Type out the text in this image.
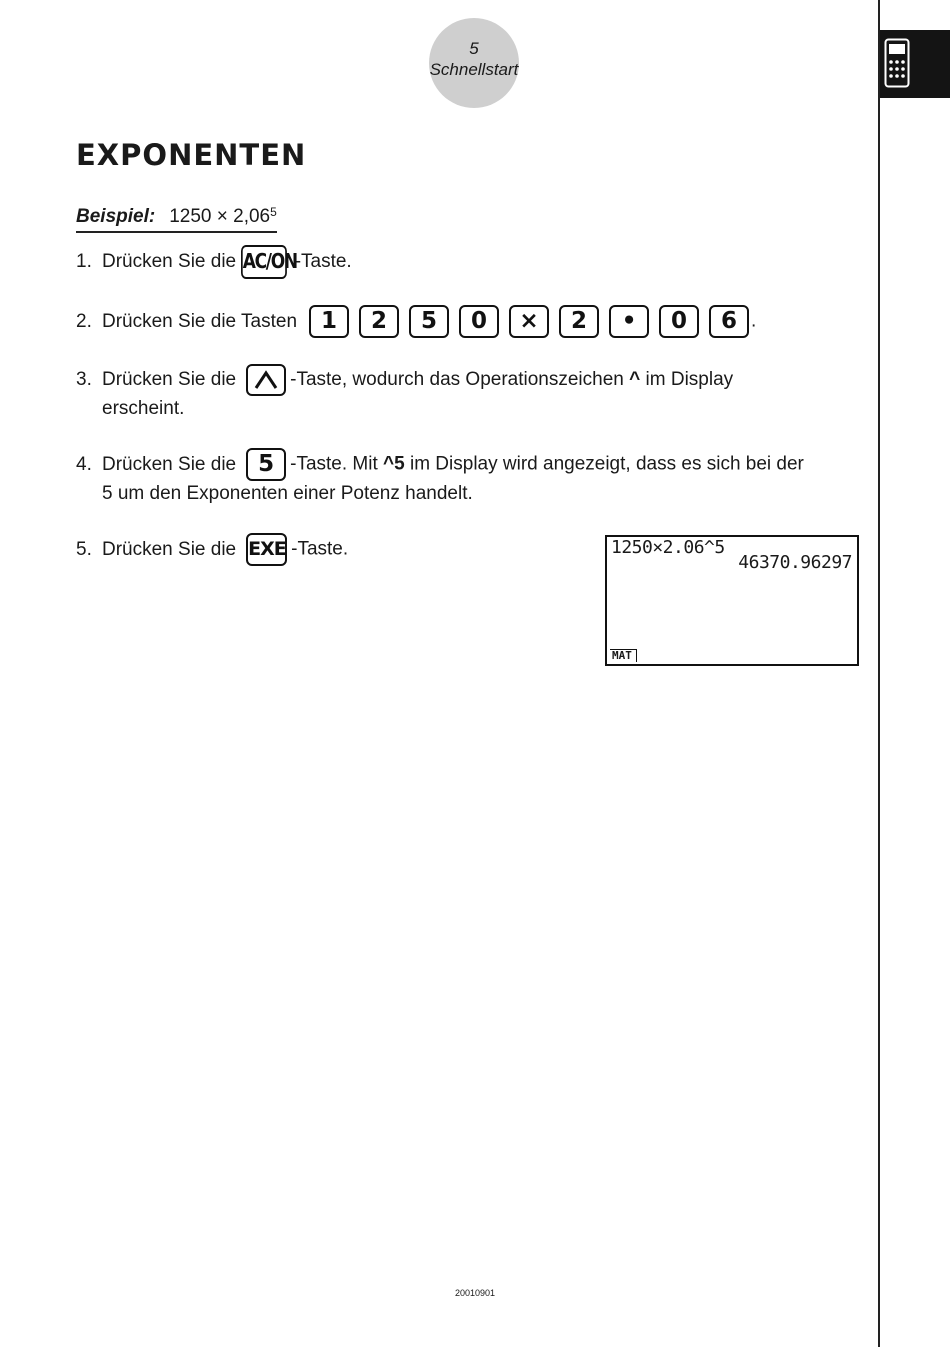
5
Schnellstart
EXPONENTEN
Beispiel: $1250 \times 2,06^5$
1. Drücken Sie die AC/ON -Taste.
2. Drücken Sie die Tasten 1 2 5 0 × 2 • 0 6 .
3. Drücken Sie die	-Taste, wodurch das Operationszeichen ^ im Display
erscheint.
4. Drücken Sie die 5 -Taste. Mit ^5 im Display wird angezeigt, dass es sich bei der
5 um den Exponenten einer Potenz handelt.
5. Drücken Sie die EXE -Taste.	1250×2.06^5
46370.96297
MAT
20010901
